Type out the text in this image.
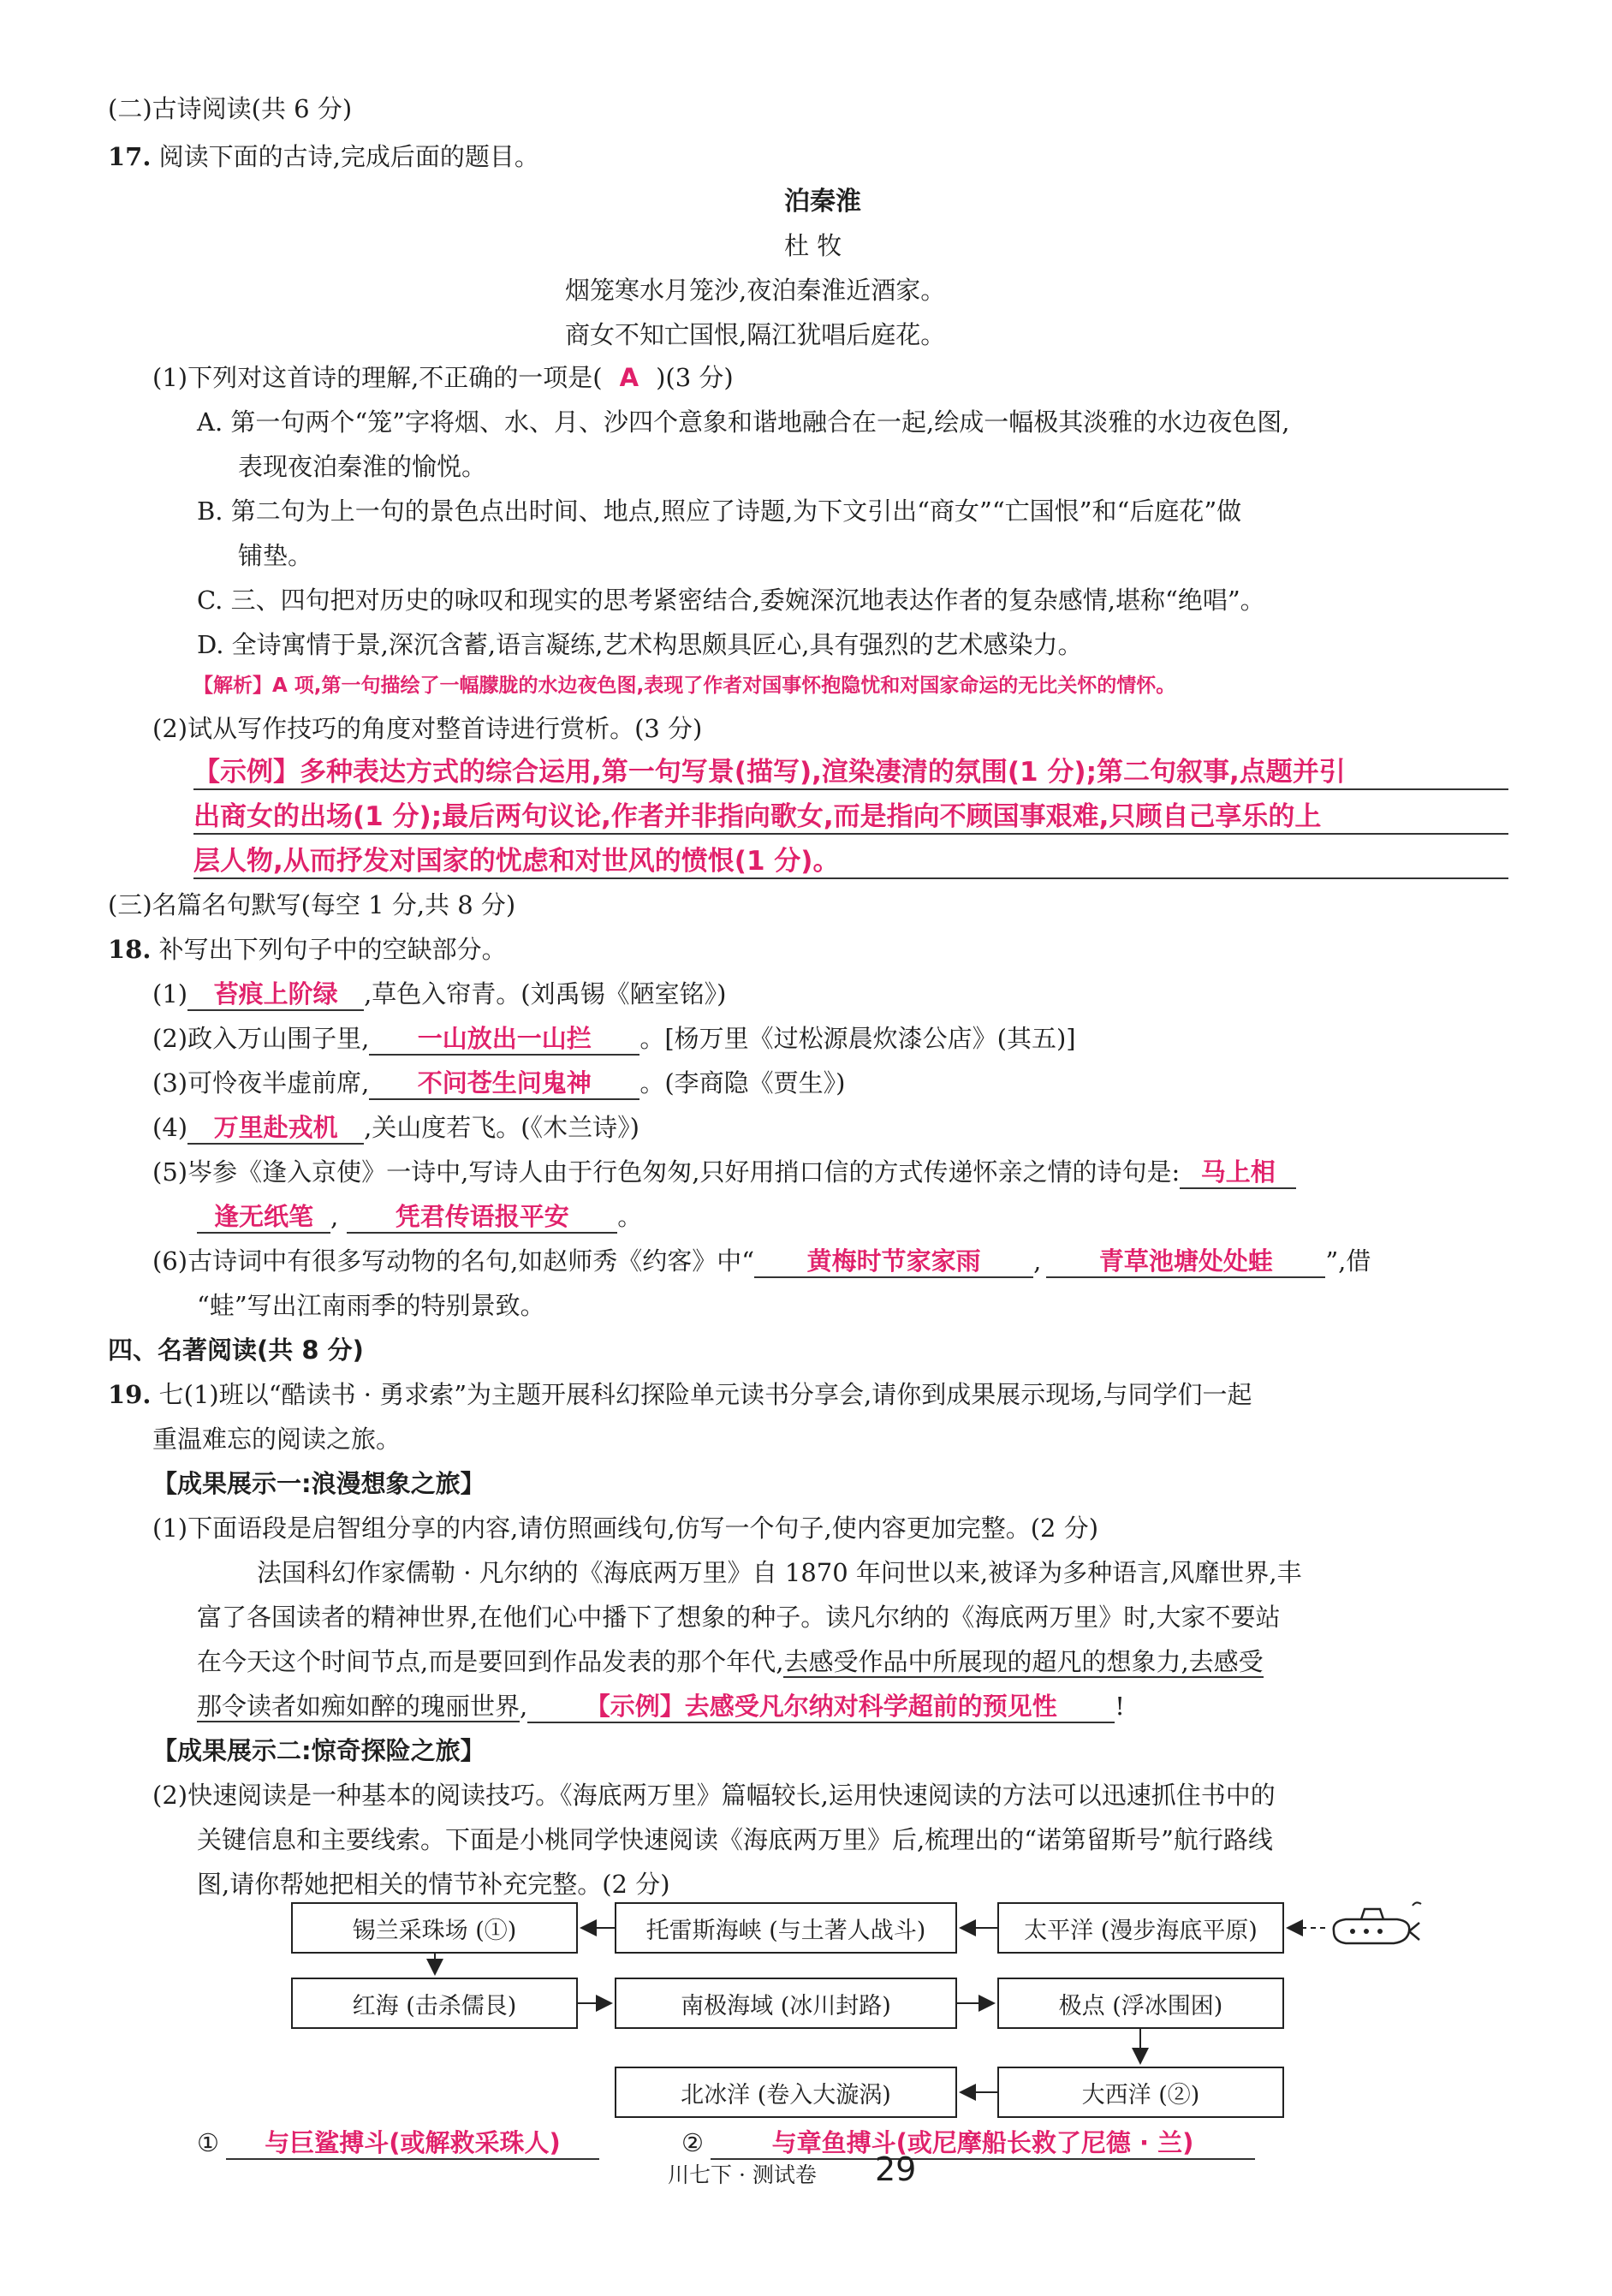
(二)古诗阅读(共 6 分)
17. 阅读下面的古诗,完成后面的题目。
泊秦淮
杜 牧
烟笼寒水月笼沙,夜泊秦淮近酒家。
商女不知亡国恨,隔江犹唱后庭花。
(1)下列对这首诗的理解,不正确的一项是( A )(3 分)
A. 第一句两个“笼”字将烟、水、月、沙四个意象和谐地融合在一起,绘成一幅极其淡雅的水边夜色图,
表现夜泊秦淮的愉悦。
B. 第二句为上一句的景色点出时间、地点,照应了诗题,为下文引出“商女”“亡国恨”和“后庭花”做
铺垫。
C. 三、四句把对历史的咏叹和现实的思考紧密结合,委婉深沉地表达作者的复杂感情,堪称“绝唱”。
D. 全诗寓情于景,深沉含蓄,语言凝练,艺术构思颇具匠心,具有强烈的艺术感染力。
【解析】A 项,第一句描绘了一幅朦胧的水边夜色图,表现了作者对国事怀抱隐忧和对国家命运的无比关怀的情怀。
(2)试从写作技巧的角度对整首诗进行赏析。(3 分)
【示例】多种表达方式的综合运用,第一句写景(描写),渲染凄清的氛围(1 分);第二句叙事,点题并引
出商女的出场(1 分);最后两句议论,作者并非指向歌女,而是指向不顾国事艰难,只顾自己享乐的上
层人物,从而抒发对国家的忧虑和对世风的愤恨(1 分)。
(三)名篇名句默写(每空 1 分,共 8 分)
18. 补写出下列句子中的空缺部分。
(1) 苔痕上阶绿 ,草色入帘青。(刘禹锡《陋室铭》)
(2)政入万山围子里, 一山放出一山拦 。[杨万里《过松源晨炊漆公店》(其五)]
(3)可怜夜半虚前席, 不问苍生问鬼神 。(李商隐《贾生》)
(4) 万里赴戎机 ,关山度若飞。(《木兰诗》)
(5)岑参《逢入京使》一诗中,写诗人由于行色匆匆,只好用捎口信的方式传递怀亲之情的诗句是: 马上相
逢无纸笔 , 凭君传语报平安 。
(6)古诗词中有很多写动物的名句,如赵师秀《约客》中“ 黄梅时节家家雨 , 青草池塘处处蛙 ”,借
“蛙”写出江南雨季的特别景致。
四、名著阅读(共 8 分)
19. 七(1)班以“酷读书 · 勇求索”为主题开展科幻探险单元读书分享会,请你到成果展示现场,与同学们一起
重温难忘的阅读之旅。
【成果展示一:浪漫想象之旅】
(1)下面语段是启智组分享的内容,请仿照画线句,仿写一个句子,使内容更加完整。(2 分)
法国科幻作家儒勒 · 凡尔纳的《海底两万里》自 1870 年问世以来,被译为多种语言,风靡世界,丰
富了各国读者的精神世界,在他们心中播下了想象的种子。读凡尔纳的《海底两万里》时,大家不要站
在今天这个时间节点,而是要回到作品发表的那个年代,去感受作品中所展现的超凡的想象力,去感受
那令读者如痴如醉的瑰丽世界, 【示例】去感受凡尔纳对科学超前的预见性 !
【成果展示二:惊奇探险之旅】
(2)快速阅读是一种基本的阅读技巧。《海底两万里》篇幅较长,运用快速阅读的方法可以迅速抓住书中的
关键信息和主要线索。下面是小桃同学快速阅读《海底两万里》后,梳理出的“诺第留斯号”航行路线
图,请你帮她把相关的情节补充完整。(2 分)
锡兰采珠场 (①)	托雷斯海峡 (与土著人战斗)	太平洋 (漫步海底平原)
红海 (击杀儒艮)	南极海域 (冰川封路)	极点 (浮冰围困)
北冰洋 (卷入大漩涡)	大西洋 (②)
① 与巨鲨搏斗(或解救采珠人)	②	与章鱼搏斗(或尼摩船长救了尼德 · 兰)
川七下 · 测试卷 29
